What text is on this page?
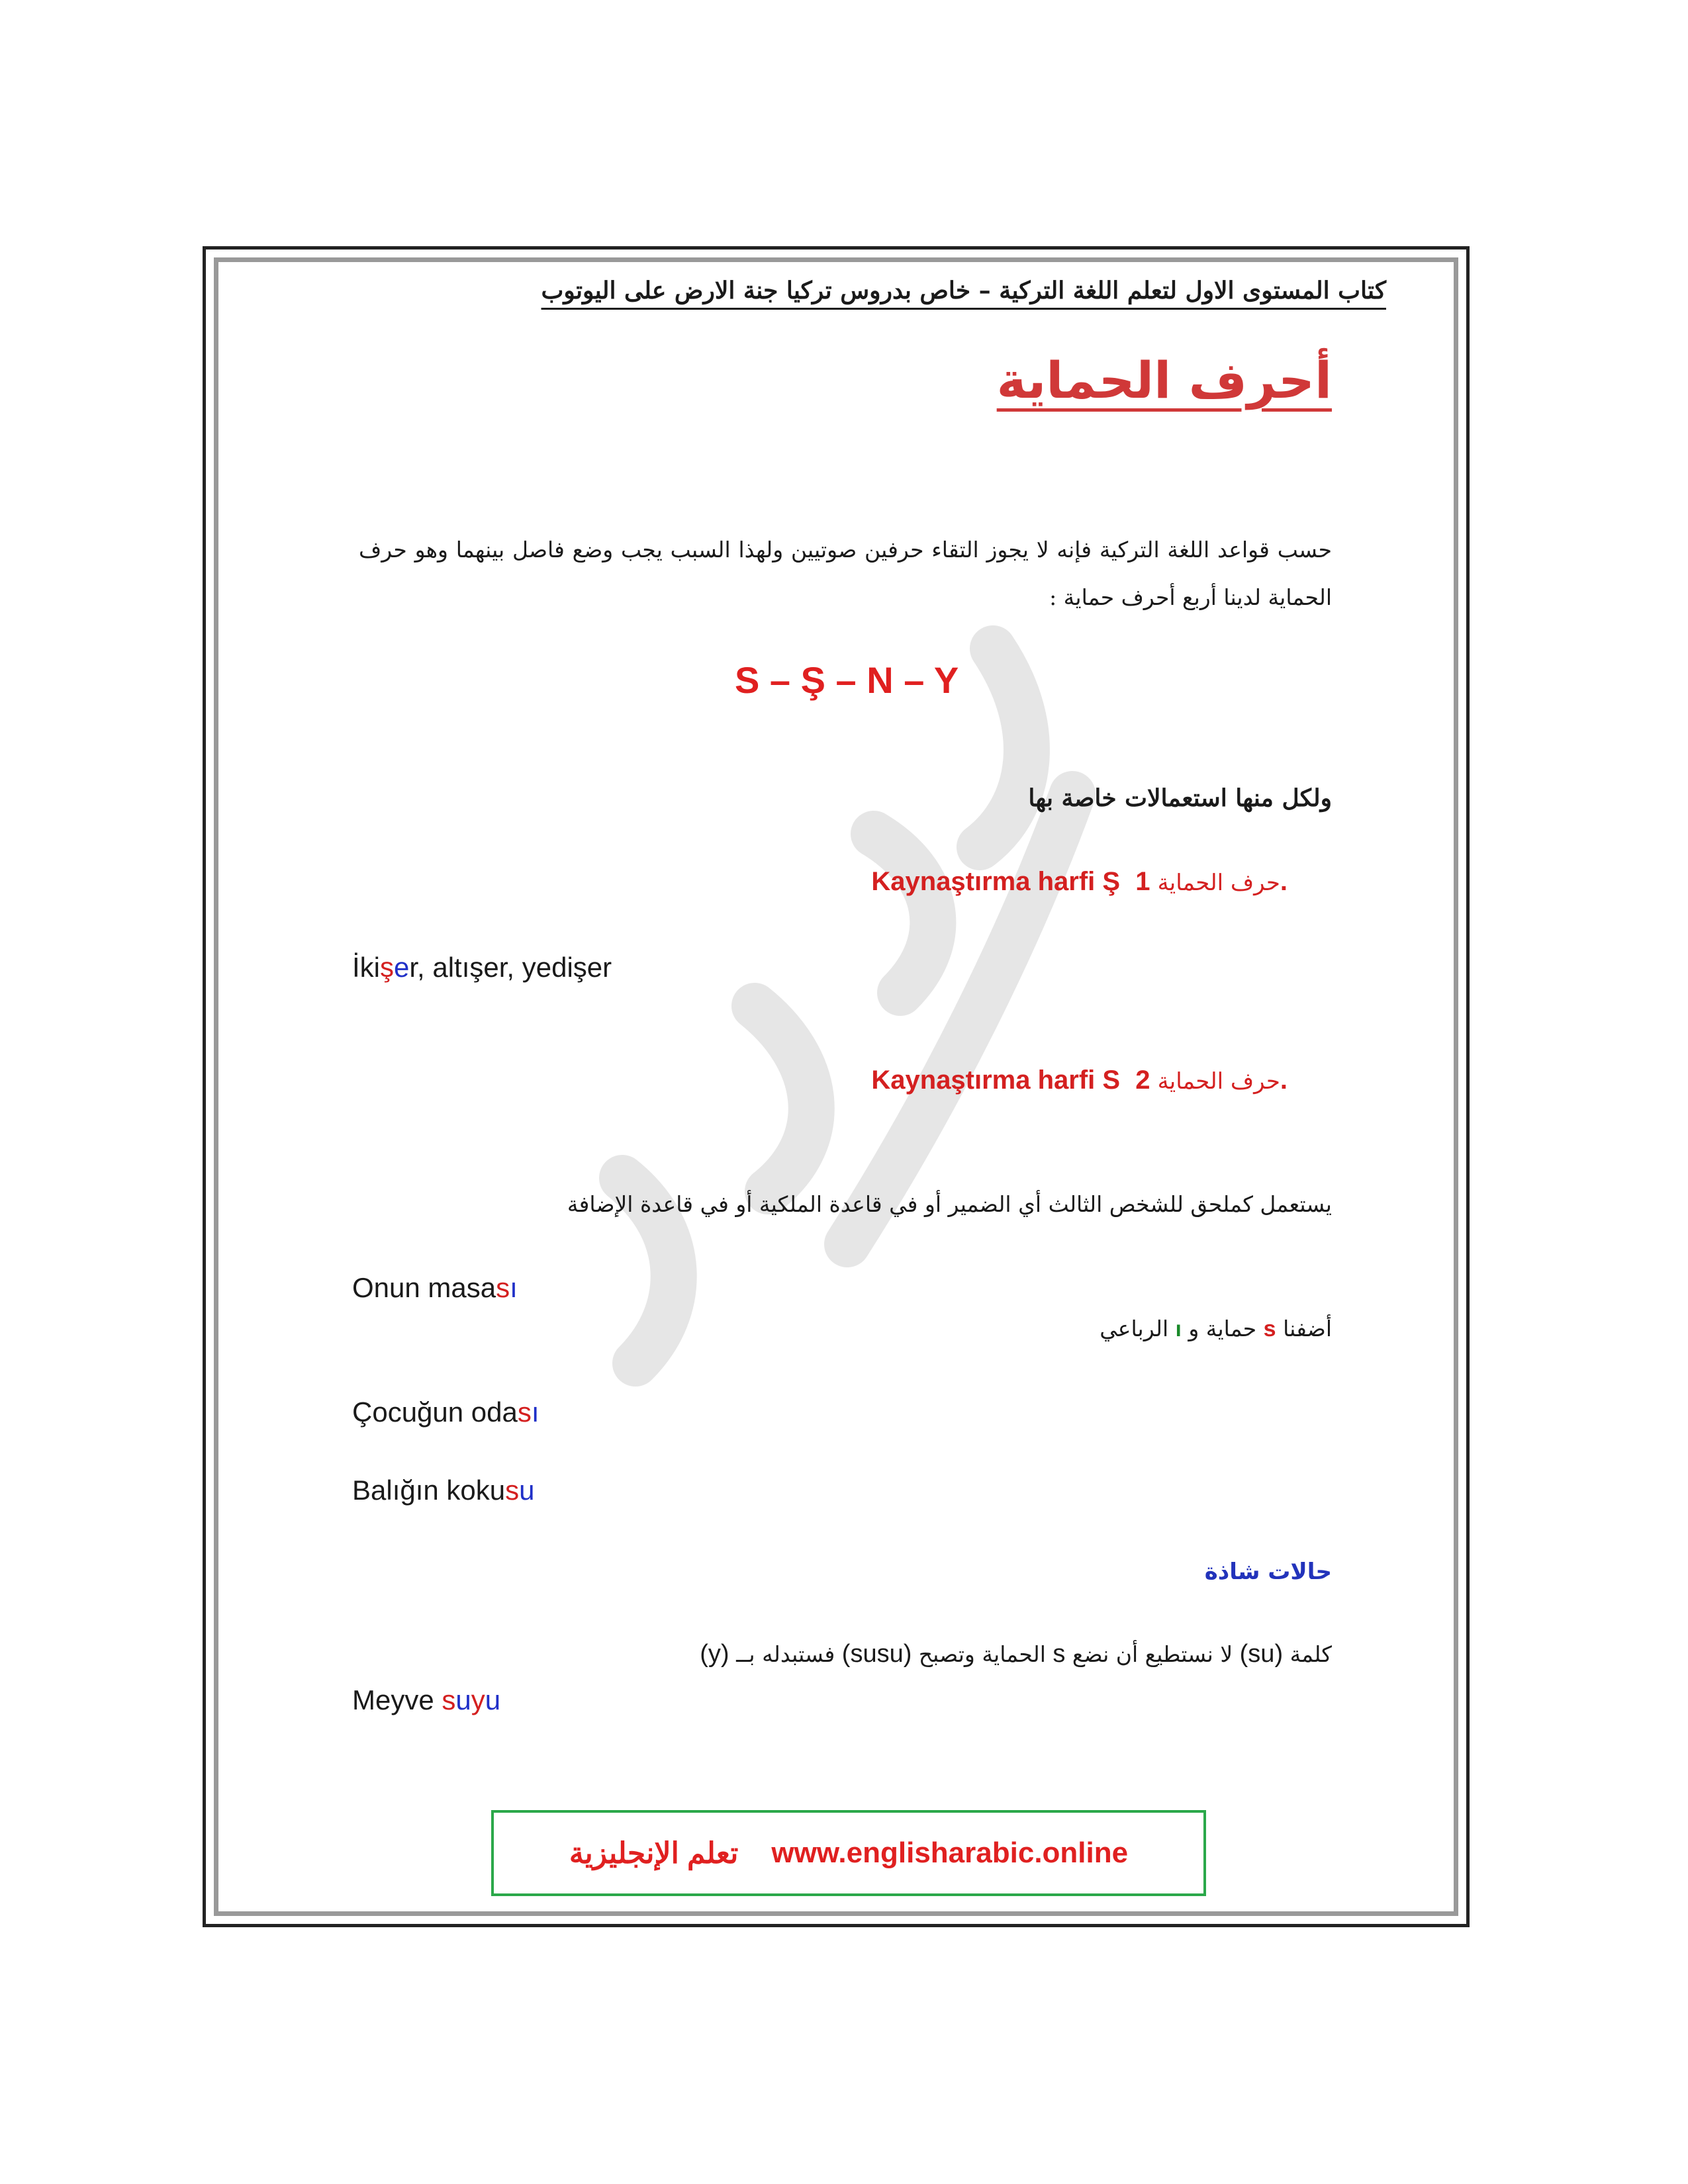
كتاب المستوى الاول لتعلم اللغة التركية – خاص بدروس تركيا جنة الارض على اليوتوب
أحرف الحماية
حسب قواعد اللغة التركية فإنه لا يجوز التقاء حرفين صوتيين ولهذا السبب يجب وضع فاصل بينهما وهو حرف الحماية لدينا أربع أحرف حماية :
S – Ş – N – Y
ولكل منها استعمالات خاصة بها
Kaynaştırma harfi Ş حرف الحماية 1.
İkişer, altışer, yedişer
Kaynaştırma harfi S حرف الحماية 2.
يستعمل كملحق للشخص الثالث أي الضمير أو في قاعدة الملكية أو في قاعدة الإضافة
Onun masası
أضفنا s حماية و ı الرباعي
Çocuğun odası
Balığın kokusu
حالات شاذة
كلمة (su) لا نستطيع أن نضع s الحماية وتصبح (susu) فستبدله بــ (y)
Meyve suyu
تعلم الإنجليزية www.englisharabic.online
